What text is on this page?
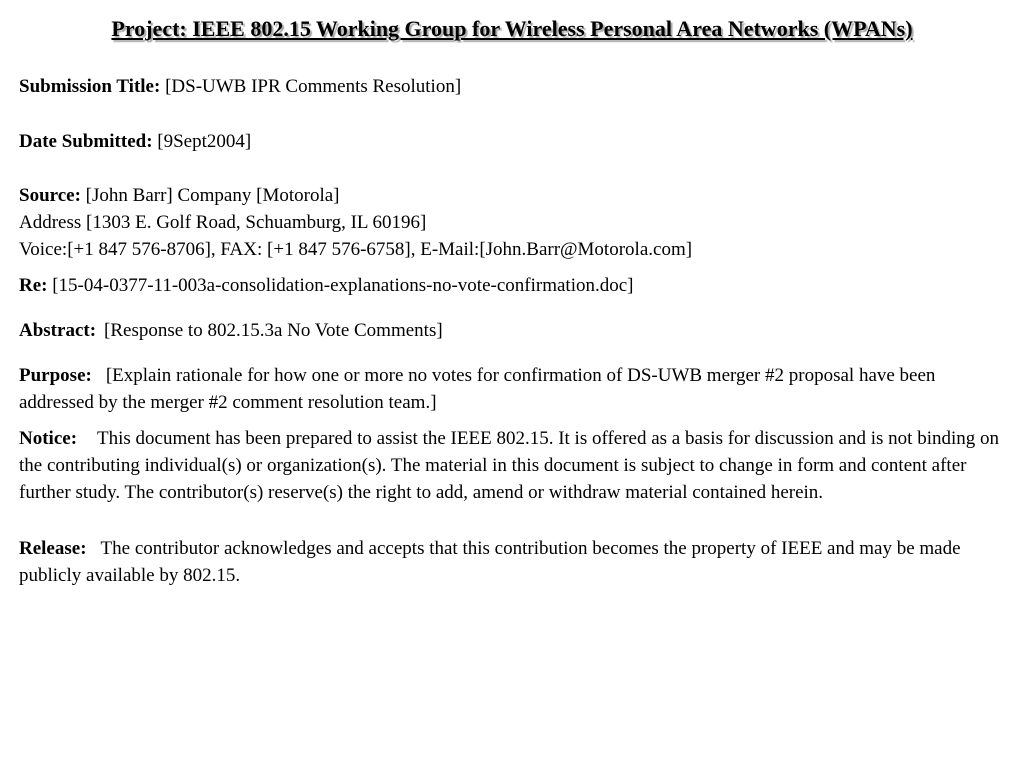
Project: IEEE 802.15 Working Group for Wireless Personal Area Networks (WPANs)
Submission Title: [DS-UWB IPR Comments Resolution]
Date Submitted: [9Sept2004]
Source: [John Barr] Company [Motorola]
Address [1303 E. Golf Road, Schuamburg, IL 60196]
Voice:[+1 847 576-8706], FAX: [+1 847 576-6758], E-Mail:[John.Barr@Motorola.com]
Re: [15-04-0377-11-003a-consolidation-explanations-no-vote-confirmation.doc]
Abstract: [Response to 802.15.3a No Vote Comments]
Purpose: [Explain rationale for how one or more no votes for confirmation of DS-UWB merger #2 proposal have been addressed by the merger #2 comment resolution team.]
Notice: This document has been prepared to assist the IEEE 802.15. It is offered as a basis for discussion and is not binding on the contributing individual(s) or organization(s). The material in this document is subject to change in form and content after further study. The contributor(s) reserve(s) the right to add, amend or withdraw material contained herein.
Release: The contributor acknowledges and accepts that this contribution becomes the property of IEEE and may be made publicly available by 802.15.
